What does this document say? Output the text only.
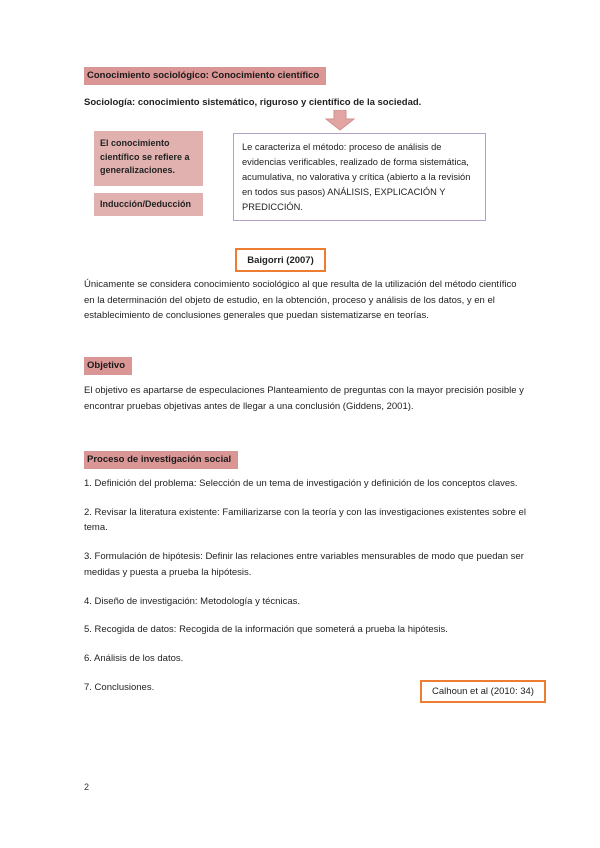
Conocimiento sociológico: Conocimiento científico
Sociología: conocimiento sistemático, riguroso y científico de la sociedad.
El conocimiento científico se refiere a generalizaciones.
Inducción/Deducción
Le caracteriza el método: proceso de análisis de evidencias verificables, realizado de forma sistemática, acumulativa, no valorativa y crítica (abierto a la revisión en todos sus pasos) ANÁLISIS, EXPLICACIÓN Y PREDICCIÓN.
Baigorri (2007)
Únicamente se considera conocimiento sociológico al que resulta de la utilización del método científico en la determinación del objeto de estudio, en la obtención, proceso y análisis de los datos, y en el establecimiento de conclusiones generales que puedan sistematizarse en teorías.
Objetivo
El objetivo es apartarse de especulaciones Planteamiento de preguntas con la mayor precisión posible y encontrar pruebas objetivas antes de llegar a una conclusión (Giddens, 2001).
Proceso de investigación social
1. Definición del problema: Selección de un tema de investigación y definición de los conceptos claves.
2. Revisar la literatura existente: Familiarizarse con la teoría y con las investigaciones existentes sobre el tema.
3. Formulación de hipótesis: Definir las relaciones entre variables mensurables de modo que puedan ser medidas y puesta a prueba la hipótesis.
4. Diseño de investigación: Metodología y técnicas.
5. Recogida de datos: Recogida de la información que someterá a prueba la hipótesis.
6. Análisis de los datos.
7. Conclusiones.	Calhoun et al (2010: 34)
2
